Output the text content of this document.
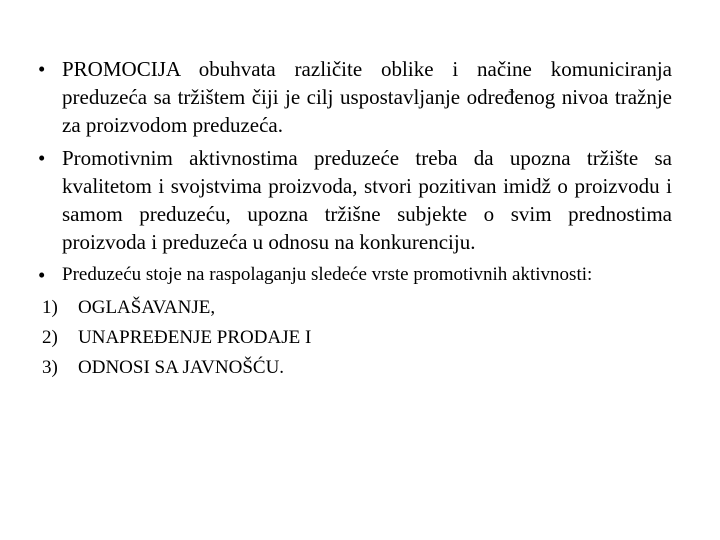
• PROMOCIJA obuhvata različite oblike i načine komuniciranja preduzeća sa tržištem čiji je cilj uspostavljanje određenog nivoa tražnje za proizvodom preduzeća.

• Promotivnim aktivnostima preduzeće treba da upozna tržište sa kvalitetom i svojstvima proizvoda, stvori pozitivan imidž o proizvodu i samom preduzeću, upozna tržišne subjekte o svim prednostima proizvoda i preduzeća u odnosu na konkurenciju.

• Preduzeću stoje na raspolaganju sledeće vrste promotivnih aktivnosti:

1)	OGLAŠAVANJE,
2)	UNAPREĐENJE PRODAJE I
3)	ODNOSI SA JAVNOŠĆU.
